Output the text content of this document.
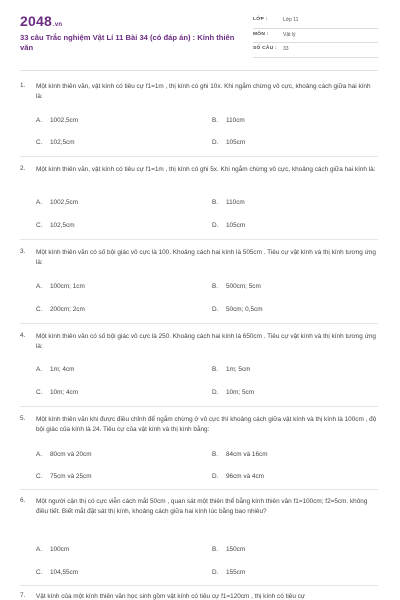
2048.vn
33 câu Trắc nghiệm Vật Lí 11 Bài 34 (có đáp án) : Kính thiên văn
LỚP :	Lớp 11
MÔN :	Vật lý
SỐ CÂU : 33
1. Một kính thiên văn, vật kính có tiêu cự f1=1m , thị kính có ghi 10x. Khi ngắm chừng vô cực, khoảng cách giữa hai kính là:
A. 1002,5cm	B. 110cm
C. 102,5cm	D. 105cm
2. Một kính thiên văn, vật kính có tiêu cự f1=1m , thị kính có ghi 5x. Khi ngắm chừng vô cực, khoảng cách giữa hai kính là:
A. 1002,5cm	B. 110cm
C. 102,5cm	D. 105cm
3. Một kính thiên văn có số bội giác vô cực là 100. Khoảng cách hai kính là 505cm . Tiêu cự vật kính và thị kính tương ứng là:
A. 100cm; 1cm	B. 500cm; 5cm
C. 200cm; 2cm	D. 50cm; 0,5cm
4. Một kính thiên văn có số bội giác vô cực là 250. Khoảng cách hai kính là 650cm . Tiêu cự vật kính và thị kính tương ứng là:
A. 1m; 4cm	B. 1m; 5cm
C. 10m; 4cm	D. 10m; 5cm
5. Một kính thiên văn khi được điều chỉnh để ngắm chừng ở vô cực thì khoảng cách giữa vật kính và thị kính là 100cm , độ bội giác của kính là 24. Tiêu cự của vật kính và thị kính bằng:
A. 80cm và 20cm	B. 84cm và 16cm
C. 75cm và 25cm	D. 96cm và 4cm
6. Một người cận thị có cực viễn cách mắt 50cm , quan sát một thiên thể bằng kính thiên văn f1=100cm; f2=5cm. không điều tiết. Biết mắt đặt sát thị kính, khoảng cách giữa hai kính lúc bằng bao nhiêu?
A. 100cm	B. 150cm
C. 104,55cm	D. 155cm
7. Vật kính của một kính thiên văn học sinh gồm vật kính có tiêu cự f1=120cm , thị kính có tiêu cự
